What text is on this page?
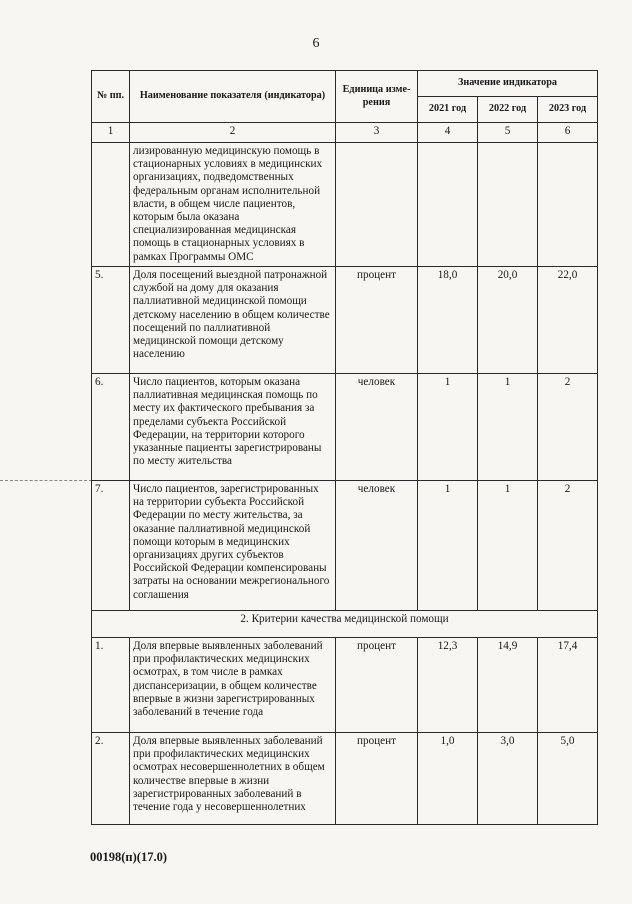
6
№ пп.	Наименование показателя (индикатора)	Единица изме-рения	Значение индикатора		
			2021 год	2022 год	2023 год
1	2	3	4	5	6
	лизированную медицинскую помощь в стационарных условиях в медицинских организациях, подведомственных федеральным органам исполнительной власти, в общем числе пациентов, которым была оказана специализированная медицинская помощь в стационарных условиях в рамках Программы ОМС				
5.	Доля посещений выездной патронажной службой на дому для оказания паллиативной медицинской помощи детскому населению в общем количестве посещений по паллиативной медицинской помощи детскому населению	процент	18,0	20,0	22,0
6.	Число пациентов, которым оказана паллиативная медицинская помощь по месту их фактического пребывания за пределами субъекта Российской Федерации, на территории которого указанные пациенты зарегистрированы по месту жительства	человек	1	1	2
7.	Число пациентов, зарегистрированных на территории субъекта Российской Федерации по месту жительства, за оказание паллиативной медицинской помощи которым в медицинских организациях других субъектов Российской Федерации компенсированы затраты на основании межрегионального соглашения	человек	1	1	2
2. Критерии качества медицинской помощи					
1.	Доля впервые выявленных заболеваний при профилактических медицинских осмотрах, в том числе в рамках диспансеризации, в общем количестве впервые в жизни зарегистрированных заболеваний в течение года	процент	12,3	14,9	17,4
2.	Доля впервые выявленных заболеваний при профилактических медицинских осмотрах несовершеннолетних в общем количестве впервые в жизни зарегистрированных заболеваний в течение года у несовершеннолетних	процент	1,0	3,0	5,0
00198(п)(17.0)
